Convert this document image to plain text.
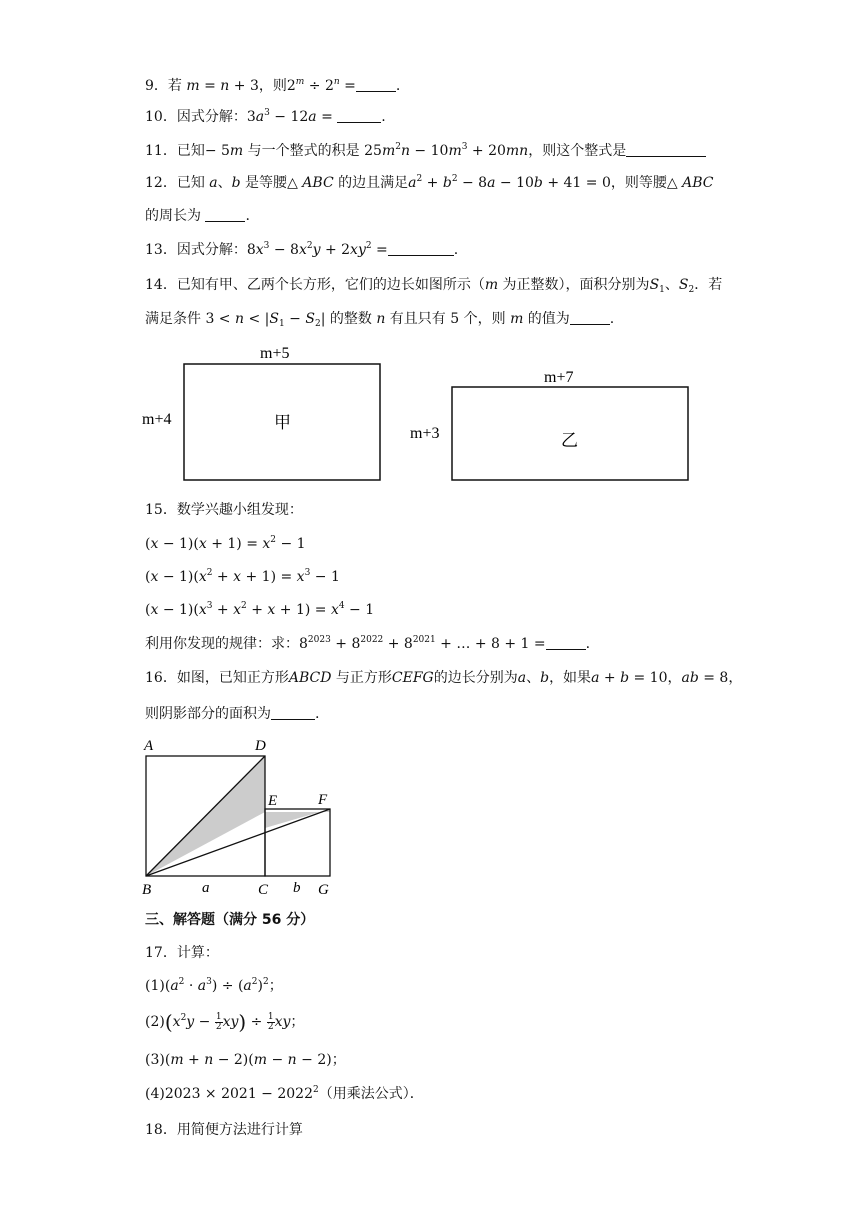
9．若 m = n + 3，则$2^m \div 2^n$ =	.
10．因式分解：$3a^3 - 12a$ =	.
11．已知− 5m 与一个整式的积是 $25m^2n - 10m^3 + 20mn$，则这个整式是
12．已知 a、b 是等腰△ ABC 的边且满足$a^2 + b^2 - 8a - 10b + 41 = 0$，则等腰△ ABC
的周长为	.
13．因式分解：$8x^3 - 8x^2y + 2xy^2$ =	.
14．已知有甲、乙两个长方形，它们的边长如图所示（m 为正整数），面积分别为$S_1$、$S_2$．若
满足条件 $3 < n < |S_1 - S_2|$ 的整数 n 有且只有 5 个，则 m 的值为	.
m+5
m+4	甲
m+7
m+3	乙
15．数学兴趣小组发现：
$(x - 1)(x + 1) = x^2 - 1$
$(x - 1)(x^2 + x + 1) = x^3 - 1$
$(x - 1)(x^3 + x^2 + x + 1) = x^4 - 1$
利用你发现的规律：求：$8^{2023} + 8^{2022} + 8^{2021}$ + … + 8 + 1 =	.
16．如图，已知正方形ABCD 与正方形CEFG的边长分别为a、b，如果a + b = 10，ab = 8，
则阴影部分的面积为	.
A	D
E	F
B	a	C b G
三、解答题（满分 56 分）
17．计算：
$(1)(a^2 \cdot a^3) \div (a^2)^2$；
$(2)(x^2y - \frac{1}{2} xy) \div \frac{1}{2}$ xy；
(3)(m + n − 2)(m − n − 2)；
$(4)2023 \times 2021 - 2022^2$（用乘法公式）．
18．用简便方法进行计算
